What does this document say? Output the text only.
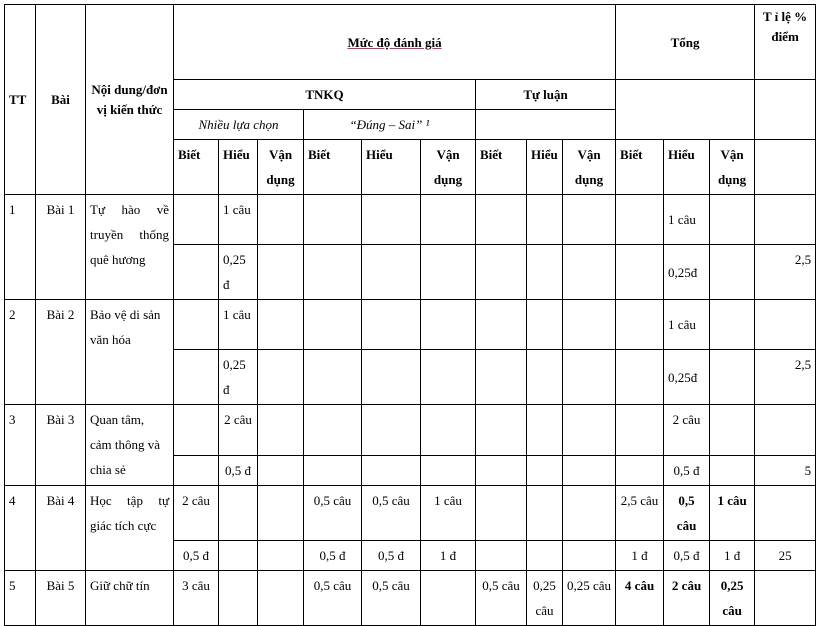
TT	Bài	Nội dung/đơn vị kiến thức	Mức độ đánh giá									Tổng			T ỉ lệ % điểm
			TNKQ						Tự luận						
			Nhiều lựa chọn			“Đúng – Sai” ¹									
			Biết	Hiểu	Vận dụng	Biết	Hiểu	Vận dụng	Biết	Hiểu	Vận dụng	Biết	Hiểu	Vận dụng	
1	Bài 1	Tự hào về truyền thống quê hương		1 câu									1 câu		
				0,25 đ									0,25đ		2,5
2	Bài 2	Bảo vệ di sản văn hóa		1 câu									1 câu		
				0,25 đ									0,25đ		2,5
3	Bài 3	Quan tâm, cảm thông và chia sẻ		2 câu									2 câu		
				0,5 đ									0,5 đ		5
4	Bài 4	Học tập tự giác tích cực	2 câu			0,5 câu	0,5 câu	1 câu				2,5 câu	0,5 câu	1 câu	
			0,5 đ			0,5 đ	0,5 đ	1 đ				1 đ	0,5 đ	1 đ	25
5	Bài 5	Giữ chữ tín	3 câu			0,5 câu	0,5 câu		0,5 câu	0,25 câu	0,25 câu	4 câu	2 câu	0,25 câu	
